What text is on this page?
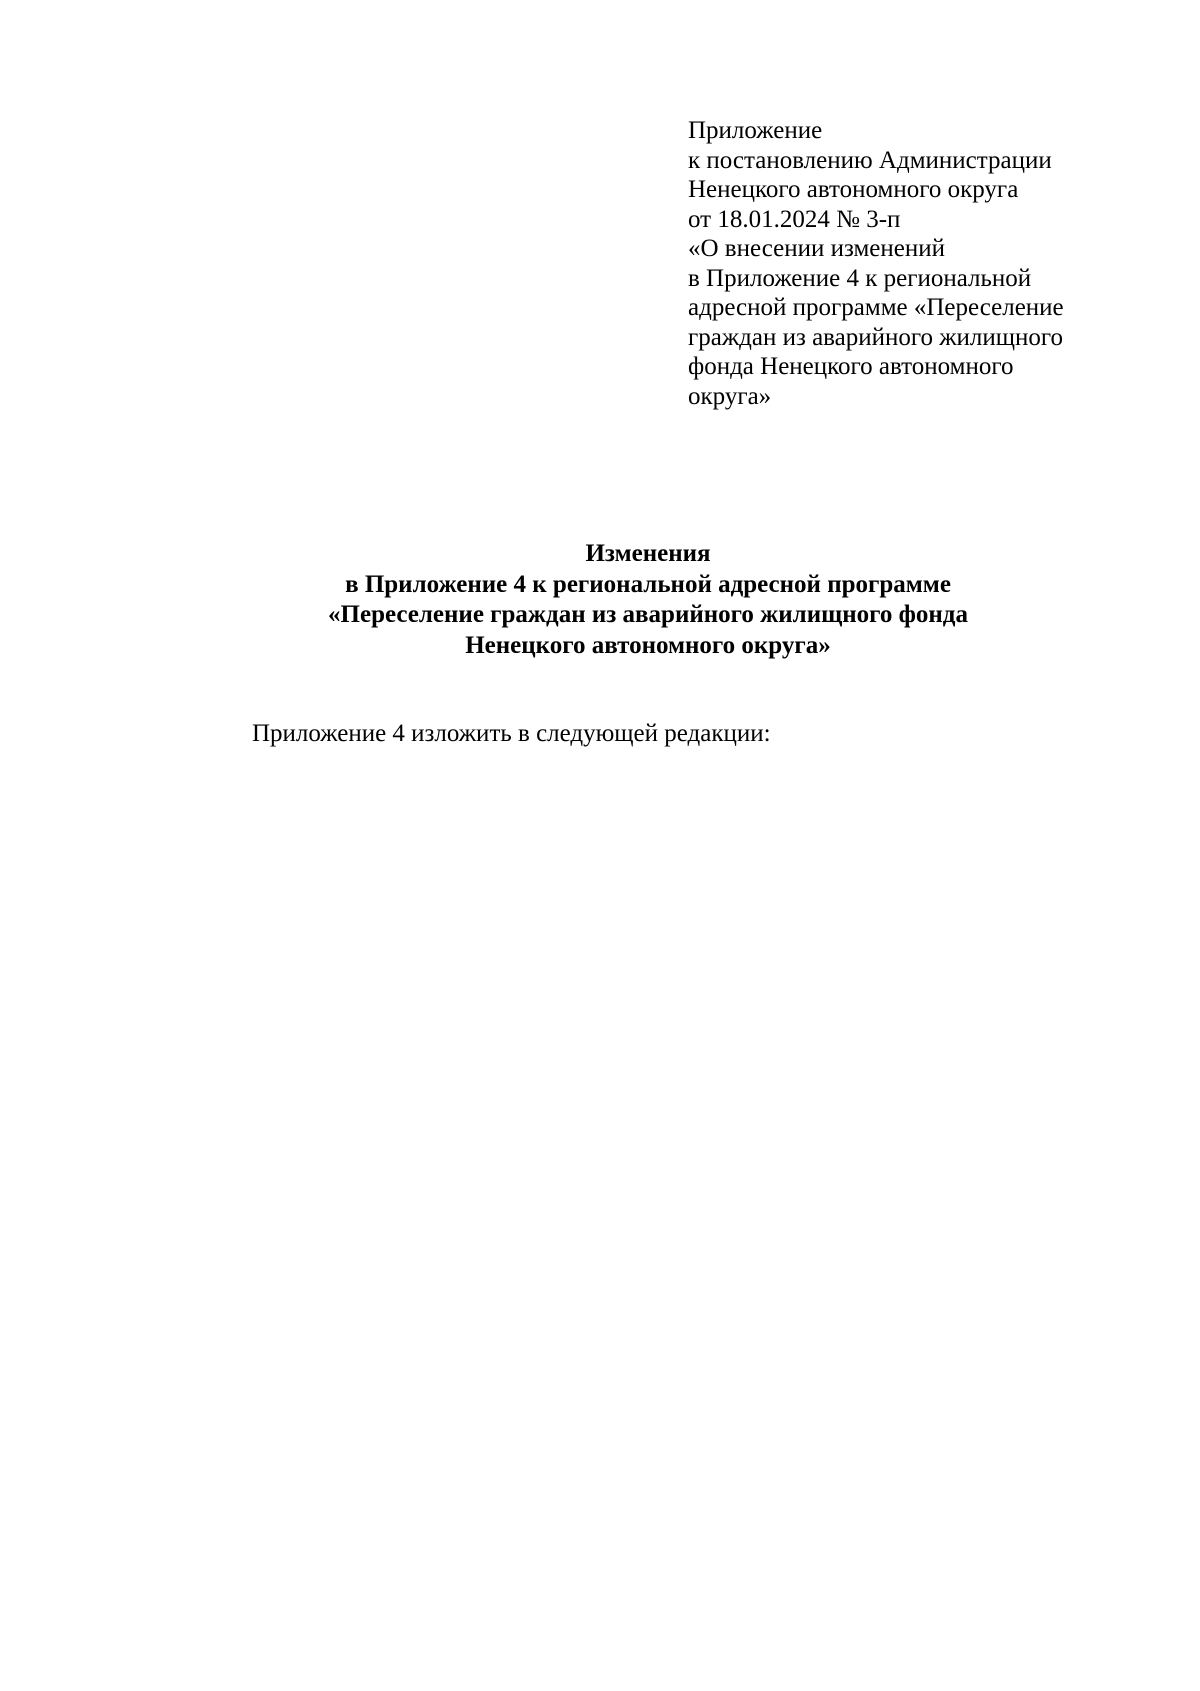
Приложение
к постановлению Администрации
Ненецкого автономного округа
от 18.01.2024 № 3-п
«О внесении изменений
в Приложение 4 к региональной
адресной программе «Переселение
граждан из аварийного жилищного
фонда Ненецкого автономного
округа»
Изменения
в Приложение 4 к региональной адресной программе
«Переселение граждан из аварийного жилищного фонда
Ненецкого автономного округа»
Приложение 4 изложить в следующей редакции:
